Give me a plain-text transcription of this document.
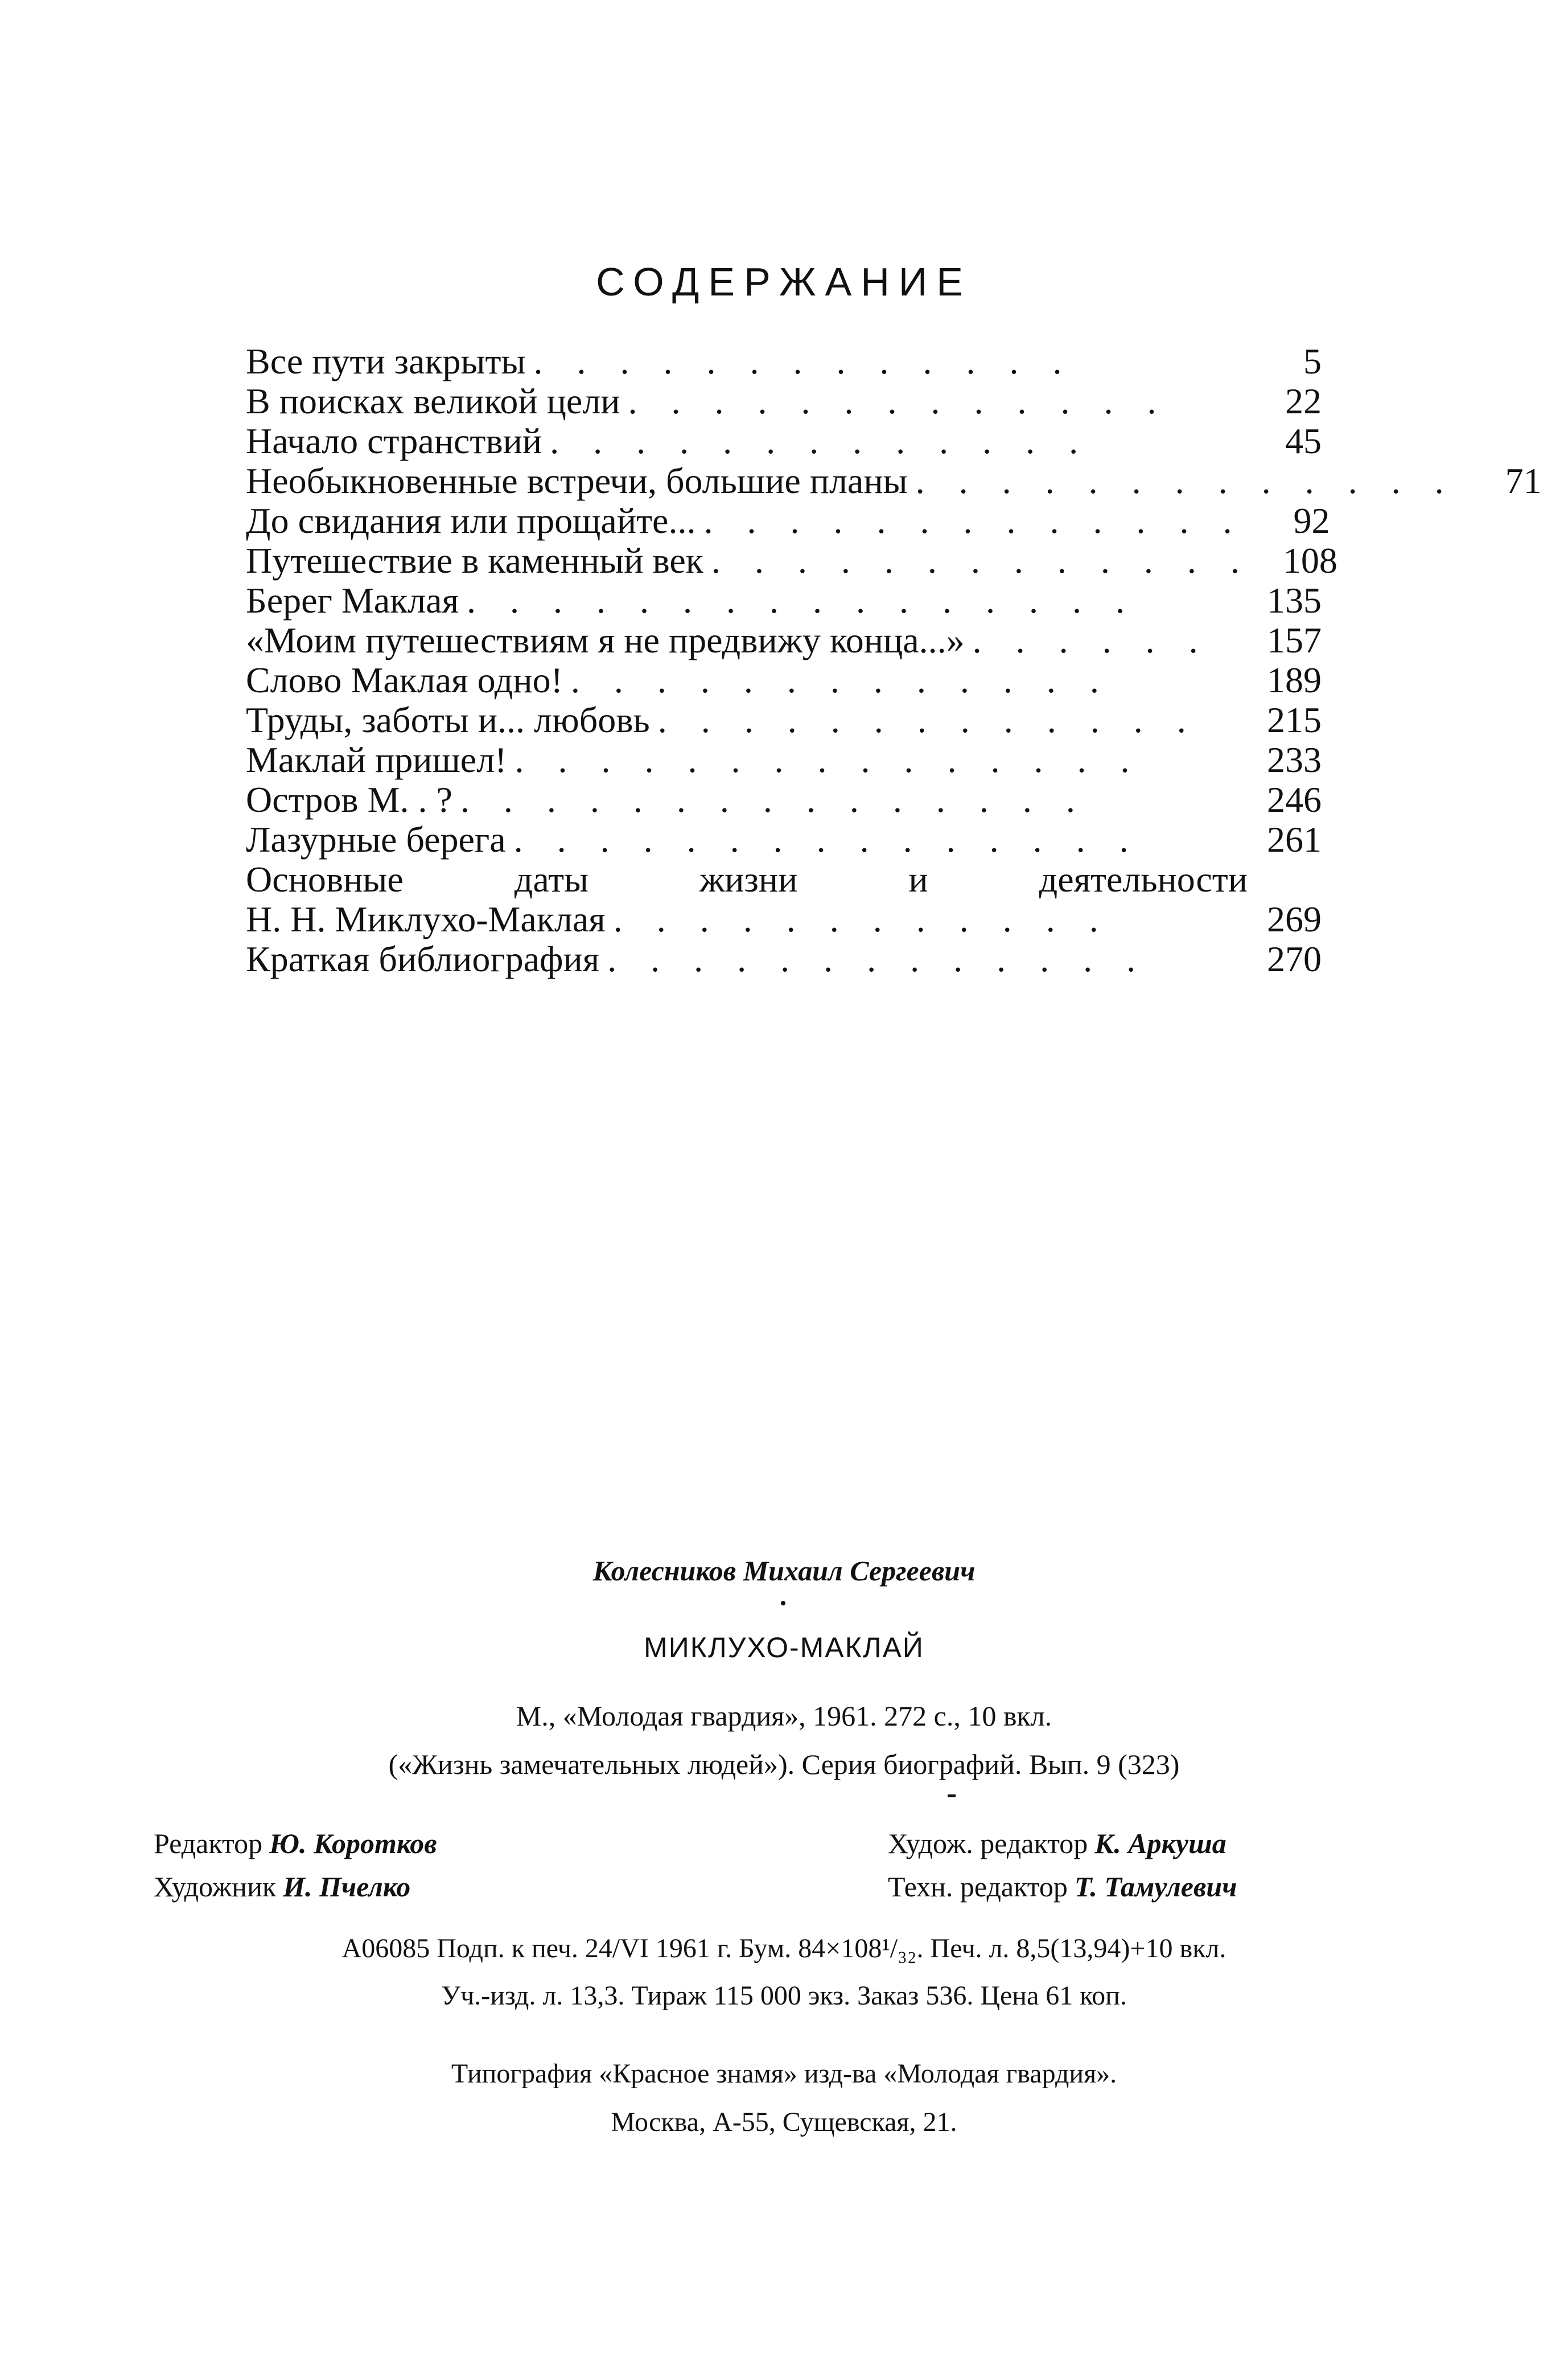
СОДЕРЖАНИЕ
Все пути закрыты . . . . . . . . . . . . .	5
В поисках великой цели . . . . . . . . . . . . .	22
Начало странствий . . . . . . . . . . . . .	45
Необыкновенные встречи, большие планы . . . . . . . . . . . . .	71
До свидания или прощайте... . . . . . . . . . . . . .	92
Путешествие в каменный век . . . . . . . . . . . . . 108
Берег Маклая . . . . . . . . . . . . . . . .	135
«Моим путешествиям я не предвижу конца...» . . . . . .	157
Слово Маклая одно! . . . . . . . . . . . . .	189
Труды, заботы и... любовь . . . . . . . . . . . . .	215
Маклай пришел! . . . . . . . . . . . . . . .	233
Остров М. . ? . . . . . . . . . . . . . . .	246
Лазурные берега . . . . . . . . . . . . . . .	261
Основные даты жизни и деятельности
Н. Н. Миклухо-Маклая . . . . . . . . . . . .	269
Краткая библиография . . . . . . . . . . . . .	270
Колесников Михаил Сергеевич
МИКЛУХО-МАКЛАЙ
М., «Молодая гвардия», 1961. 272 с., 10 вкл.
(«Жизнь замечательных людей»). Серия биографий. Вып. 9 (323)
Редактор Ю. Коротков
Художник И. Пчелко
Худож. редактор К. Аркуша
Техн. редактор Т. Тамулевич
А06085 Подп. к печ. 24/VI 1961 г. Бум. 84×108¹/₃₂. Печ. л. 8,5(13,94)+10 вкл.
Уч.-изд. л. 13,3. Тираж 115 000 экз. Заказ 536. Цена 61 коп.
Типография «Красное знамя» изд-ва «Молодая гвардия».
Москва, А-55, Сущевская, 21.
